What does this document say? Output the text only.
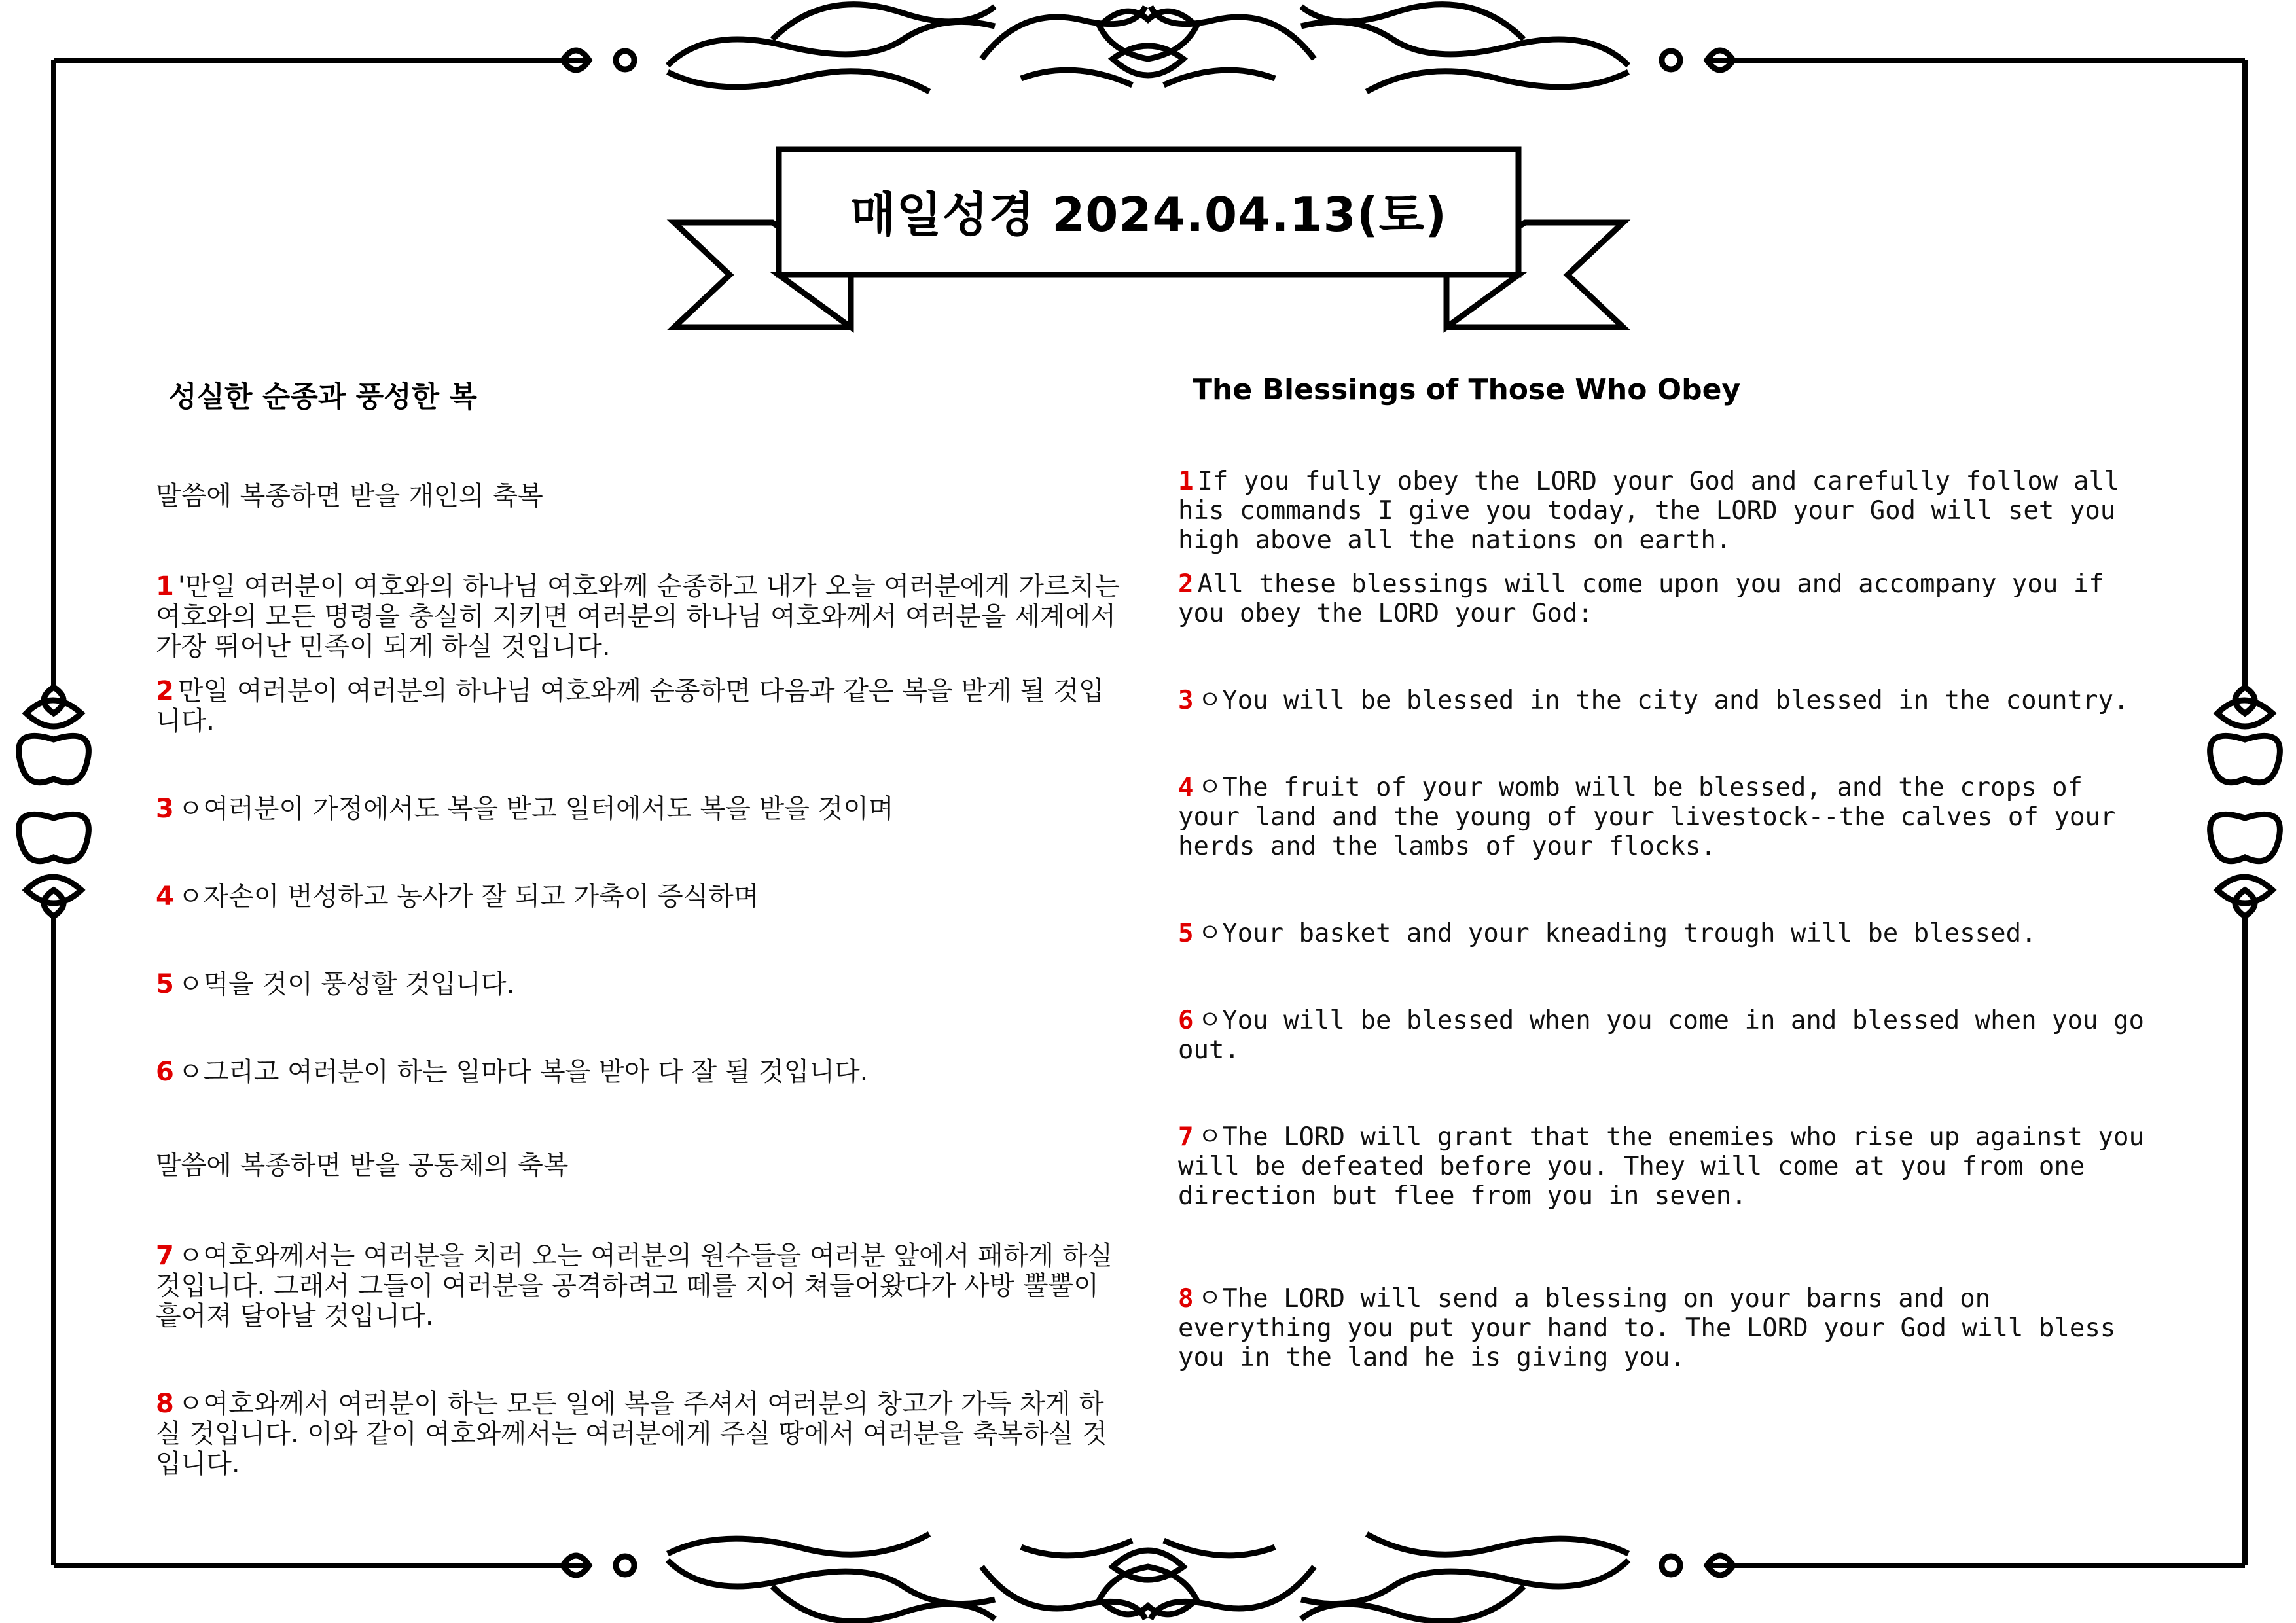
매일성경 2024.04.13(토)
성실한 순종과 풍성한 복
말씀에 복종하면 받을 개인의 축복

1 '만일 여러분이 여호와의 하나님 여호와께 순종하고 내가 오늘 여러분에게 가르치는 여호와의 모든 명령을 충실히 지키면 여러분의 하나님 여호와께서 여러분을 세계에서 가장 뛰어난 민족이 되게 하실 것입니다.

2 만일 여러분이 여러분의 하나님 여호와께 순종하면 다음과 같은 복을 받게 될 것입니다.

3 ㅇ여러분이 가정에서도 복을 받고 일터에서도 복을 받을 것이며

4 ㅇ자손이 번성하고 농사가 잘 되고 가축이 증식하며

5 ㅇ먹을 것이 풍성할 것입니다.

6 ㅇ그리고 여러분이 하는 일마다 복을 받아 다 잘 될 것입니다.

말씀에 복종하면 받을 공동체의 축복

7 ㅇ여호와께서는 여러분을 치러 오는 여러분의 원수들을 여러분 앞에서 패하게 하실 것입니다. 그래서 그들이 여러분을 공격하려고 떼를 지어 쳐들어왔다가 사방 뿔뿔이 흩어져 달아날 것입니다.

8 ㅇ여호와께서 여러분이 하는 모든 일에 복을 주셔서 여러분의 창고가 가득 차게 하실 것입니다. 이와 같이 여호와께서는 여러분에게 주실 땅에서 여러분을 축복하실 것입니다.

The Blessings of Those Who Obey

1 If you fully obey the LORD your God and carefully follow all his commands I give you today, the LORD your God will set you high above all the nations on earth.

2 All these blessings will come upon you and accompany you if you obey the LORD your God:

3 ㅇYou will be blessed in the city and blessed in the country.

4 ㅇThe fruit of your womb will be blessed, and the crops of your land and the young of your livestock--the calves of your herds and the lambs of your flocks.

5 ㅇYour basket and your kneading trough will be blessed.

6 ㅇYou will be blessed when you come in and blessed when you go out.

7 ㅇThe LORD will grant that the enemies who rise up against you will be defeated before you. They will come at you from one direction but flee from you in seven.

8 ㅇThe LORD will send a blessing on your barns and on everything you put your hand to. The LORD your God will bless you in the land he is giving you.
